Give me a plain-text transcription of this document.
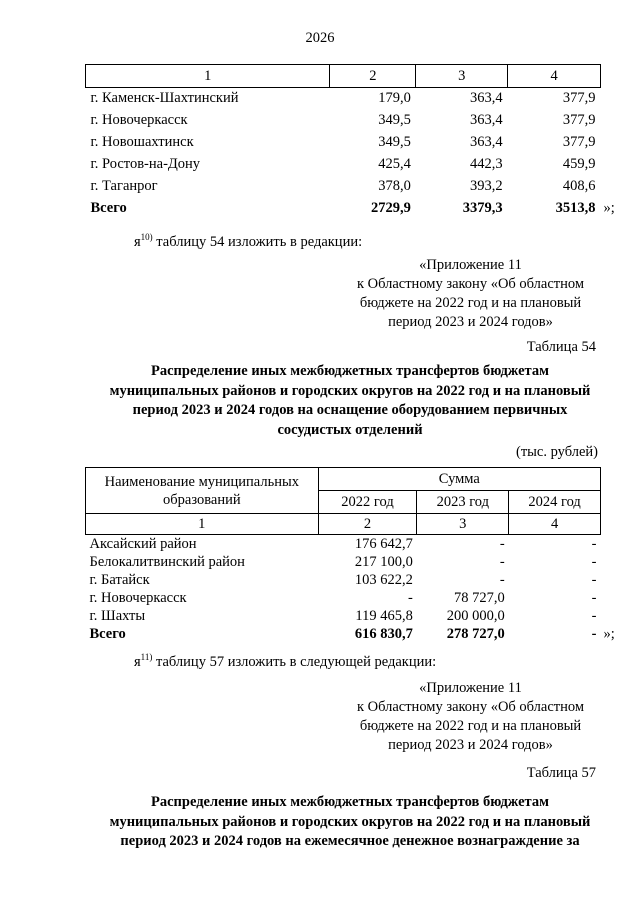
2026
1	2	3	4
г. Каменск-Шахтинский	179,0	363,4	377,9
г. Новочеркасск	349,5	363,4	377,9
г. Новошахтинск	349,5	363,4	377,9
г. Ростов-на-Дону	425,4	442,3	459,9
г. Таганрог	378,0	393,2	408,6
Всего	2729,9	3379,3	3513,8 »;
$я^{10)}$ таблицу 54 изложить в редакции:
«Приложение 11
к Областному закону «Об областном
бюджете на 2022 год и на плановый
период 2023 и 2024 годов»
Таблица 54
Распределение иных межбюджетных трансфертов бюджетам
муниципальных районов и городских округов на 2022 год и на плановый
период 2023 и 2024 годов на оснащение оборудованием первичных
сосудистых отделений
(тыс. рублей)
Наименование муниципальных образований	Сумма		
	2022 год	2023 год	2024 год
1	2	3	4
Аксайский район	176 642,7	-	-
Белокалитвинский район	217 100,0	-	-
г. Батайск	103 622,2	-	-
г. Новочеркасск	-	78 727,0	-
г. Шахты	119 465,8	200 000,0	-
Всего	616 830,7	278 727,0	- »;
$я^{11)}$ таблицу 57 изложить в следующей редакции:
«Приложение 11
к Областному закону «Об областном
бюджете на 2022 год и на плановый
период 2023 и 2024 годов»
Таблица 57
Распределение иных межбюджетных трансфертов бюджетам
муниципальных районов и городских округов на 2022 год и на плановый
период 2023 и 2024 годов на ежемесячное денежное вознаграждение за
